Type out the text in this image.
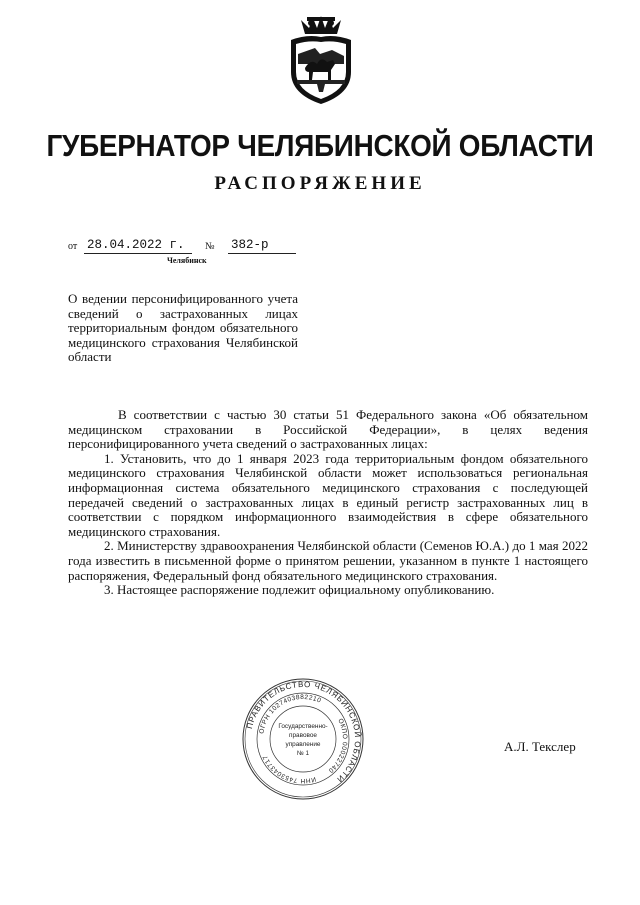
ГУБЕРНАТОР ЧЕЛЯБИНСКОЙ ОБЛАСТИ
РАСПОРЯЖЕНИЕ
от 28.04.2022 г.	№ 382-р
Челябинск
О ведении персонифицированного учета сведений о застрахованных лицах территориальным фондом обязательного медицинского страхования Челябинской области

В соответствии с частью 30 статьи 51 Федерального закона «Об обязательном медицинском страховании в Российской Федерации», в целях ведения персонифицированного учета сведений о застрахованных лицах:

1. Установить, что до 1 января 2023 года территориальным фондом обязательного медицинского страхования Челябинской области может использоваться региональная информационная система обязательного медицинского страхования с последующей передачей сведений о застрахованных лицах в единый регистр застрахованных лиц в соответствии с порядком информационного взаимодействия в сфере обязательного медицинского страхования.

2. Министерству здравоохранения Челябинской области (Семенов Ю.А.) до 1 мая 2022 года известить в письменной форме о принятом решении, указанном в пункте 1 настоящего распоряжения, Федеральный фонд обязательного медицинского страхования.

3. Настоящее распоряжение подлежит официальному опубликованию.

ПРАВИТЕЛЬСТВО ЧЕЛЯБИНСКОЙ ОБЛАСТИ
ОГРН 1027403882210
ОКПО 00022740
ИНН 7453043717
Государственно-
правовое
управление
№ 1	А.Л. Текслер
